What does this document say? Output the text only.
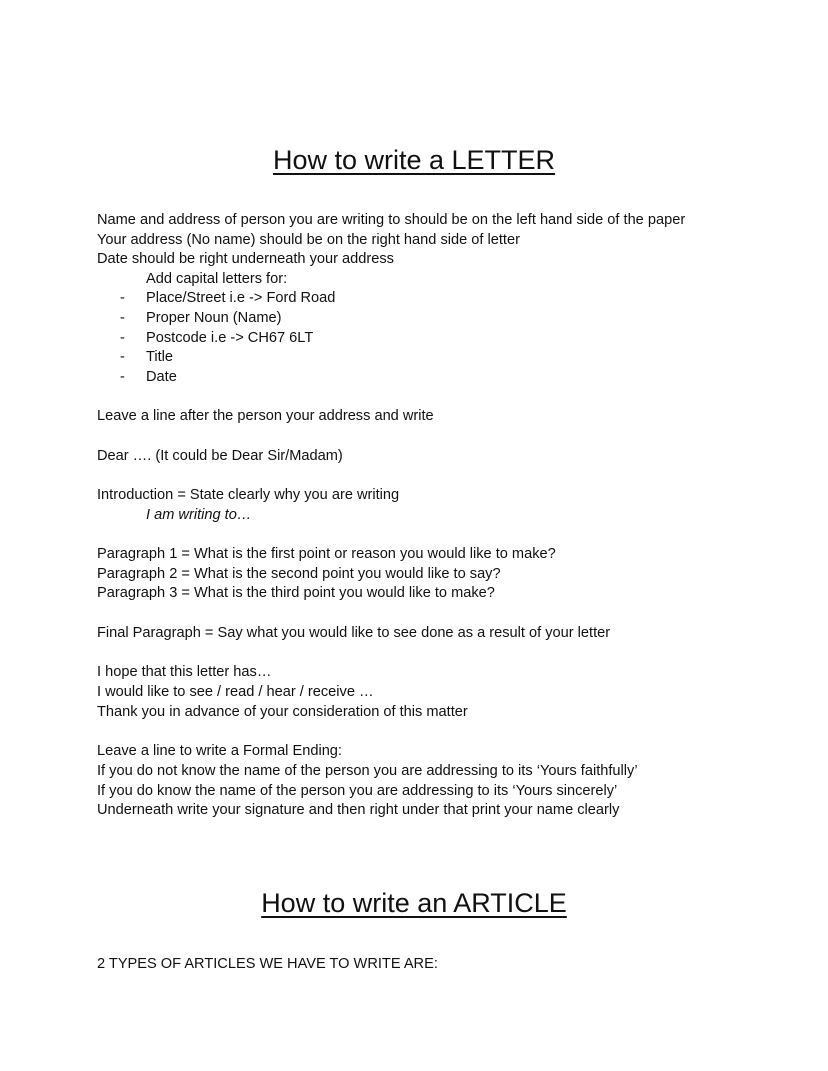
How to write a LETTER
Name and address of person you are writing to should be on the left hand side of the paper
Your address (No name) should be on the right hand side of letter
Date should be right underneath your address
Add capital letters for:
- Place/Street i.e -> Ford Road
- Proper Noun (Name)
- Postcode i.e -> CH67 6LT
- Title
- Date
Leave a line after the person your address and write
Dear …. (It could be Dear Sir/Madam)
Introduction = State clearly why you are writing
I am writing to…
Paragraph 1 = What is the first point or reason you would like to make?
Paragraph 2 = What is the second point you would like to say?
Paragraph 3 = What is the third point you would like to make?
Final Paragraph = Say what you would like to see done as a result of your letter
I hope that this letter has…
I would like to see / read / hear / receive …
Thank you in advance of your consideration of this matter
Leave a line to write a Formal Ending:
If you do not know the name of the person you are addressing to its ‘Yours faithfully’
If you do know the name of the person you are addressing to its ‘Yours sincerely’
Underneath write your signature and then right under that print your name clearly
How to write an ARTICLE
2 TYPES OF ARTICLES WE HAVE TO WRITE ARE:
